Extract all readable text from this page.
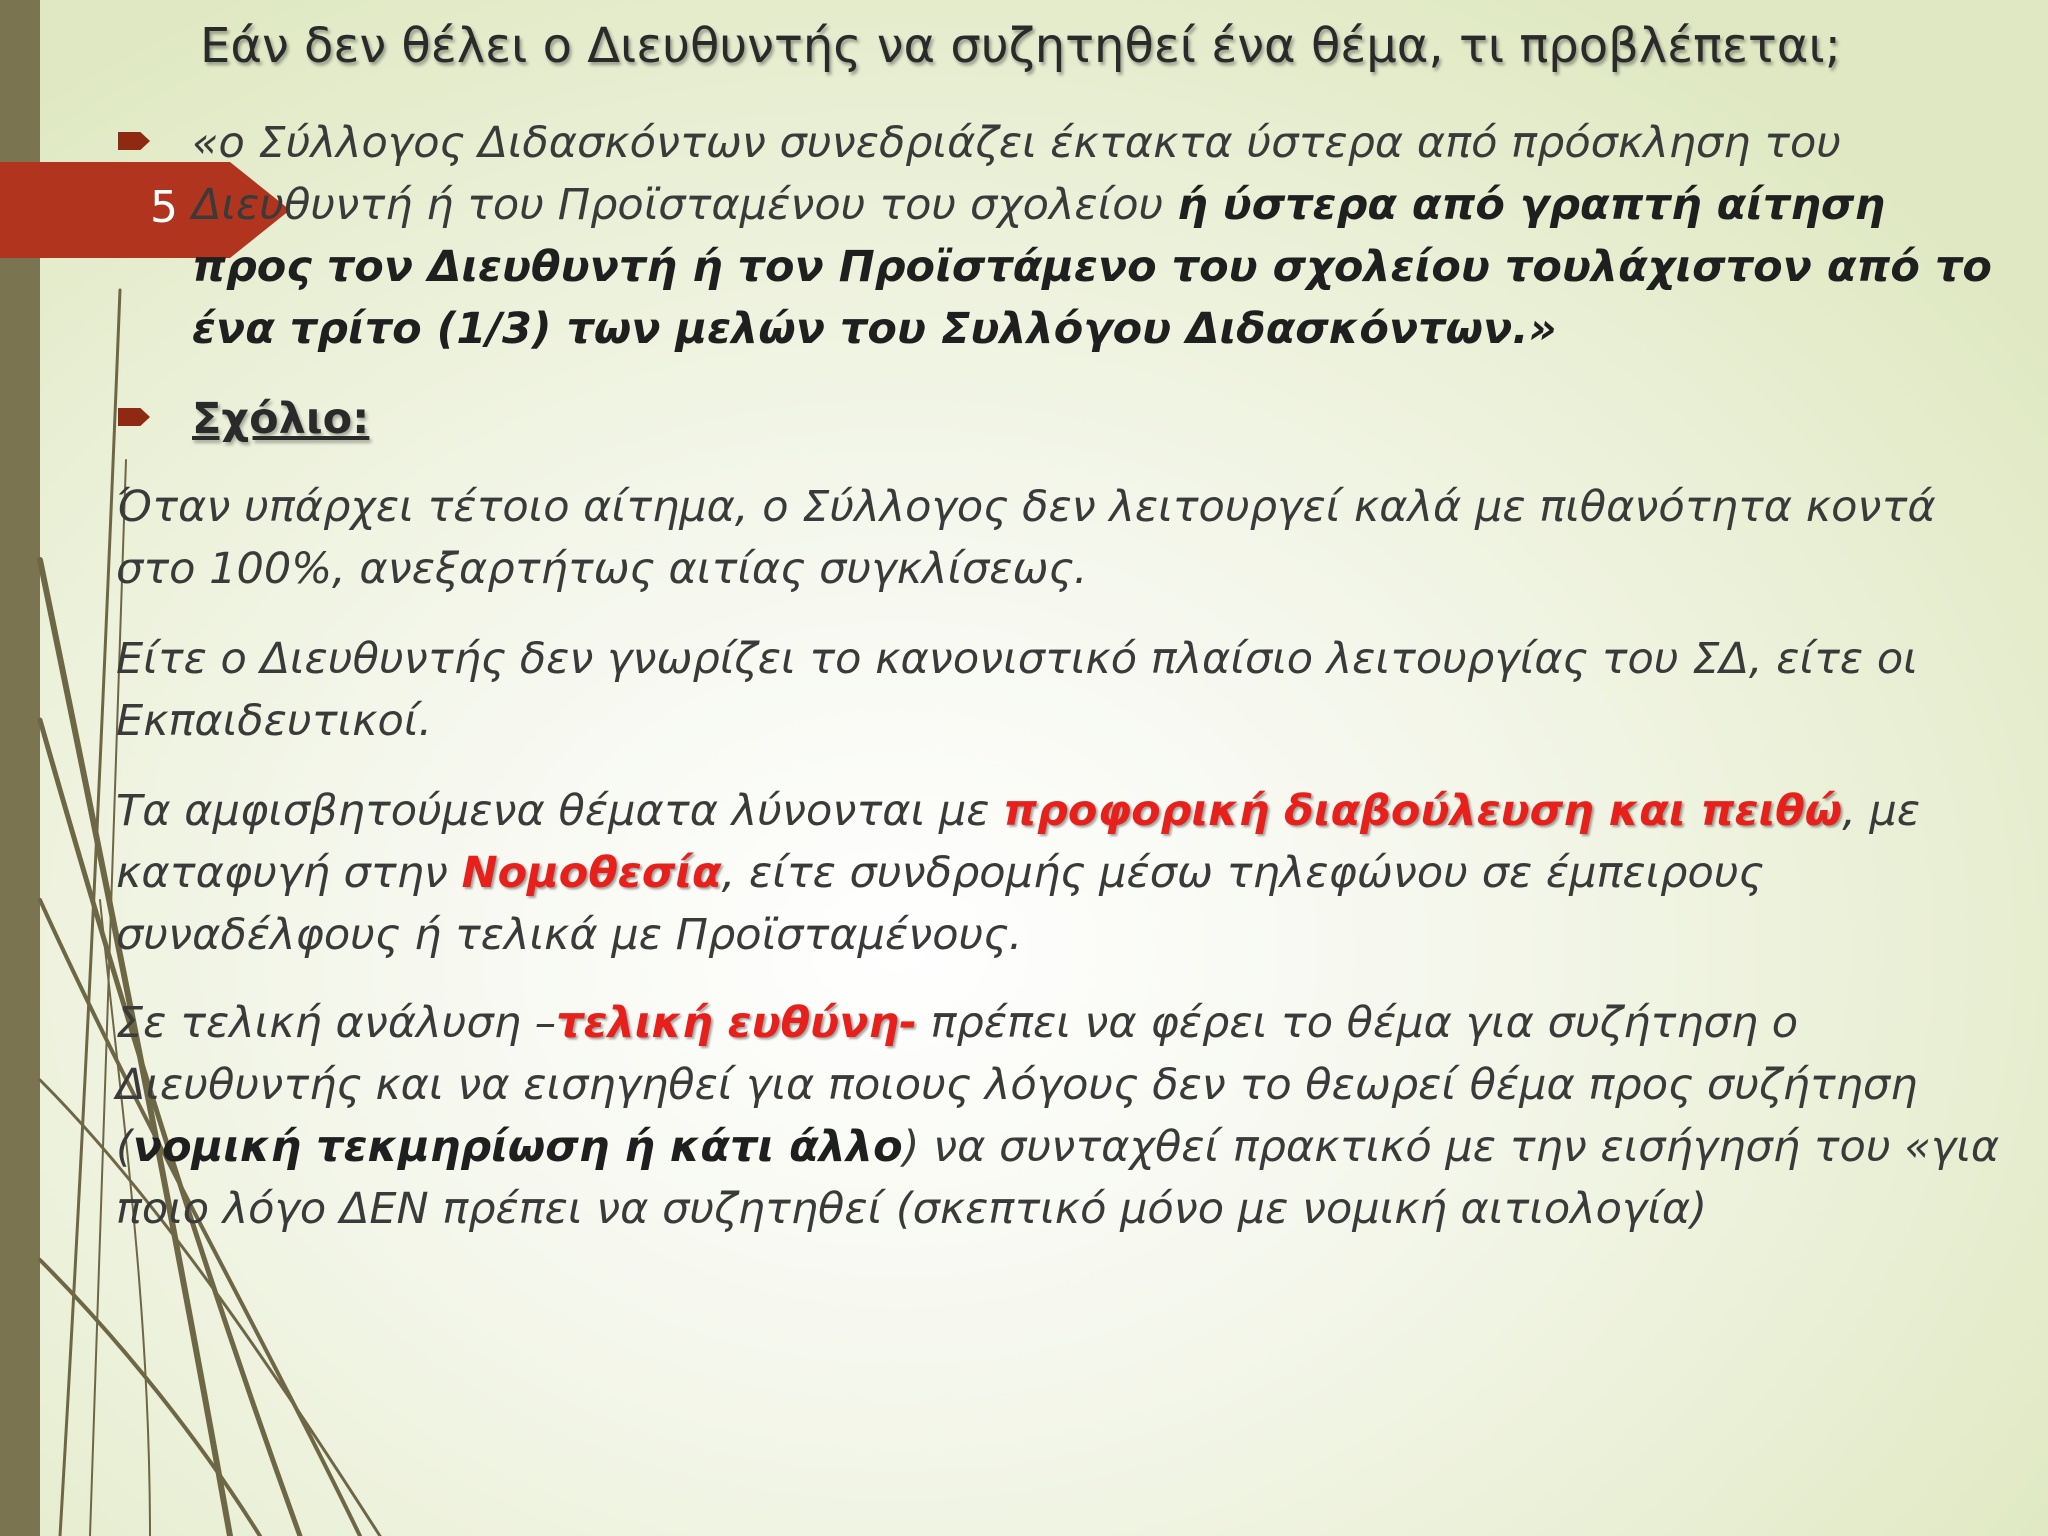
5
Εάν δεν θέλει ο Διευθυντής να συζητηθεί ένα θέμα, τι προβλέπεται;
«ο Σύλλογος Διδασκόντων συνεδριάζει έκτακτα ύστερα από πρόσκληση του Διευθυντή ή του Προϊσταμένου του σχολείου ή ύστερα από γραπτή αίτηση προς τον Διευθυντή ή τον Προϊστάμενο του σχολείου τουλάχιστον από το ένα τρίτο (1/3) των μελών του Συλλόγου Διδασκόντων.»
Σχόλιο:
Όταν υπάρχει τέτοιο αίτημα, ο Σύλλογος δεν λειτουργεί καλά με πιθανότητα κοντά στο 100%, ανεξαρτήτως αιτίας συγκλίσεως.
Είτε ο Διευθυντής δεν γνωρίζει το κανονιστικό πλαίσιο λειτουργίας του ΣΔ, είτε οι Εκπαιδευτικοί.
Τα αμφισβητούμενα θέματα λύνονται με προφορική διαβούλευση και πειθώ, με καταφυγή στην Νομοθεσία, είτε συνδρομής μέσω τηλεφώνου σε έμπειρους συναδέλφους ή τελικά με Προϊσταμένους.
Σε τελική ανάλυση –τελική ευθύνη- πρέπει να φέρει το θέμα για συζήτηση ο Διευθυντής και να εισηγηθεί για ποιους λόγους δεν το θεωρεί θέμα προς συζήτηση (νομική τεκμηρίωση ή κάτι άλλο) να συνταχθεί πρακτικό με την εισήγησή του «για ποιο λόγο ΔΕΝ πρέπει να συζητηθεί (σκεπτικό μόνο με νομική αιτιολογία)
